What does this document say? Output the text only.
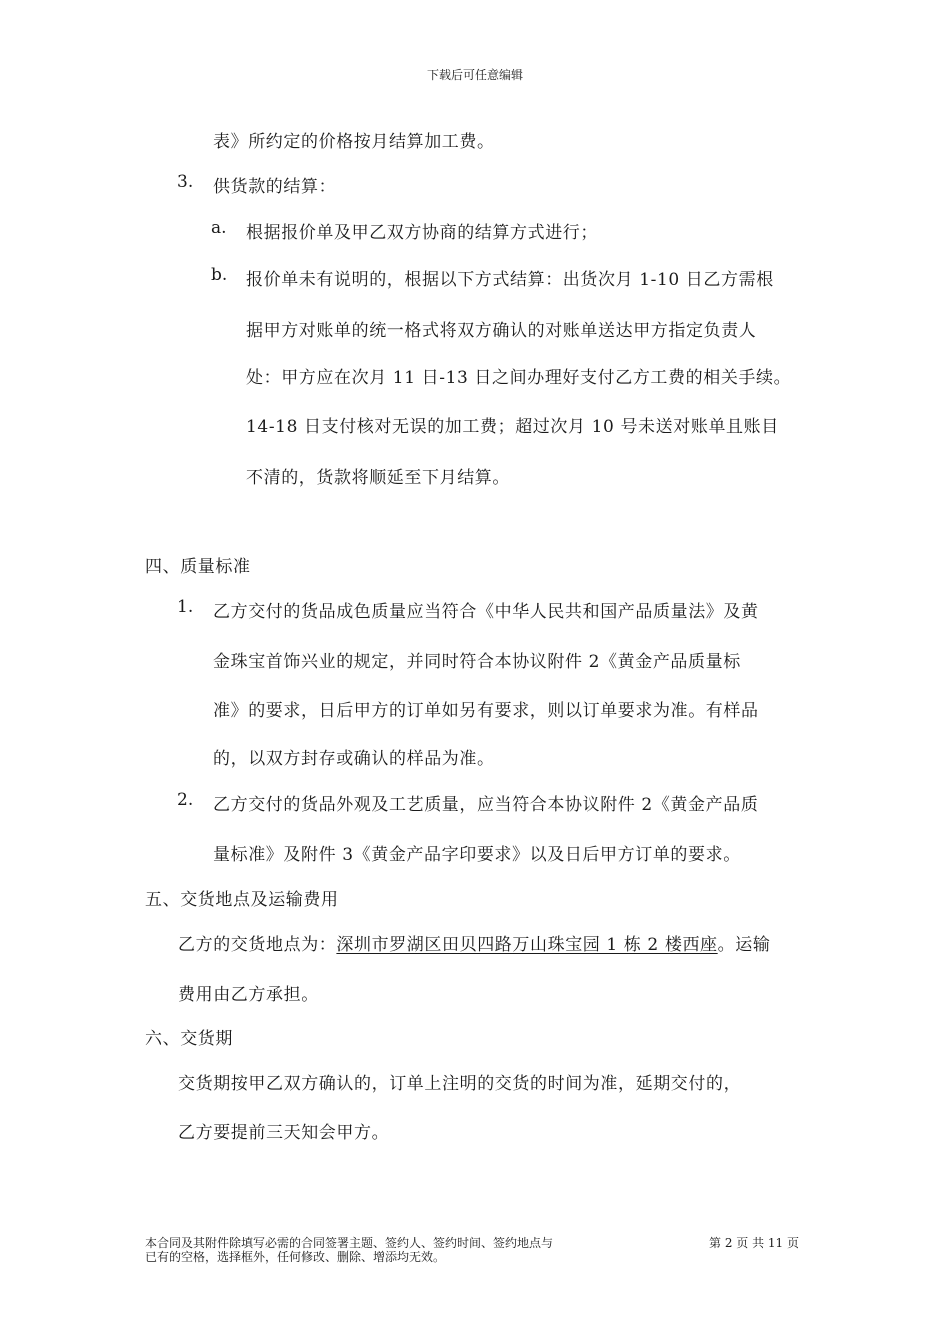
下载后可任意编辑
表》所约定的价格按月结算加工费。
3. 供货款的结算：
a. 根据报价单及甲乙双方协商的结算方式进行；
b. 报价单未有说明的，根据以下方式结算：出货次月 1-10 日乙方需根
据甲方对账单的统一格式将双方确认的对账单送达甲方指定负责人
处：甲方应在次月 11 日-13 日之间办理好支付乙方工费的相关手续。
14-18 日支付核对无误的加工费；超过次月 10 号未送对账单且账目
不清的，货款将顺延至下月结算。
四、质量标准
1. 乙方交付的货品成色质量应当符合《中华人民共和国产品质量法》及黄
金珠宝首饰兴业的规定，并同时符合本协议附件 2《黄金产品质量标
准》的要求，日后甲方的订单如另有要求，则以订单要求为准。有样品
的，以双方封存或确认的样品为准。
2. 乙方交付的货品外观及工艺质量，应当符合本协议附件 2《黄金产品质
量标准》及附件 3《黄金产品字印要求》以及日后甲方订单的要求。
五、交货地点及运输费用
乙方的交货地点为：深圳市罗湖区田贝四路万山珠宝园 1 栋 2 楼西座。运输
费用由乙方承担。
六、交货期
交货期按甲乙双方确认的，订单上注明的交货的时间为准，延期交付的，
乙方要提前三天知会甲方。
本合同及其附件除填写必需的合同签署主题、签约人、签约时间、签约地点与
已有的空格，选择框外，任何修改、删除、增添均无效。
第 2 页 共 11 页
